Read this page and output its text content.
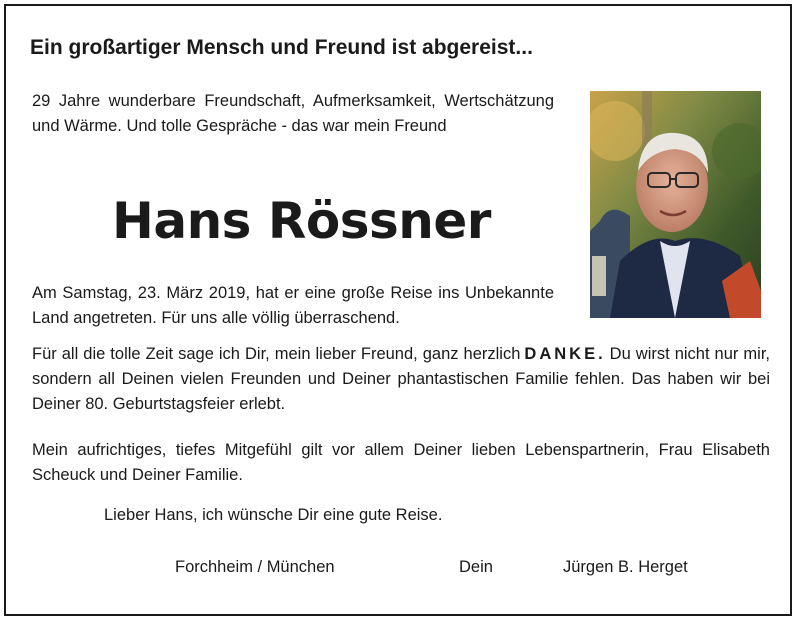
Ein großartiger Mensch und Freund ist abgereist...
29 Jahre wunderbare Freundschaft, Aufmerksamkeit, Wertschätzung und Wärme. Und tolle Gespräche - das war mein Freund
Hans Rössner
Am Samstag, 23. März 2019, hat er eine große Reise ins Unbekannte Land angetreten. Für uns alle völlig überraschend.
Für all die tolle Zeit sage ich Dir, mein lieber Freund, ganz herzlich DANKE. Du wirst nicht nur mir, sondern all Deinen vielen Freunden und Deiner phantastischen Familie fehlen. Das haben wir bei Deiner 80. Geburtstagsfeier erlebt.
Mein aufrichtiges, tiefes Mitgefühl gilt vor allem Deiner lieben Lebenspartnerin, Frau Elisabeth Scheuck und Deiner Familie.
Lieber Hans, ich wünsche Dir eine gute Reise.
Forchheim / München	Dein	Jürgen B. Herget
